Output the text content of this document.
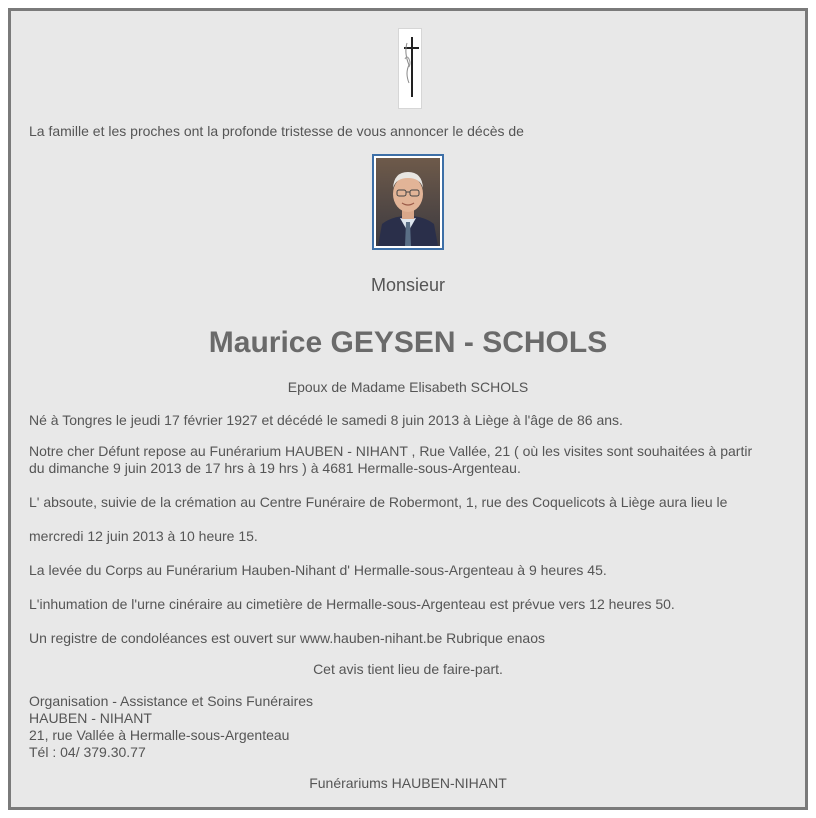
La famille et les proches ont la profonde tristesse de vous annoncer le décès de
Monsieur
Maurice GEYSEN - SCHOLS
Epoux de Madame Elisabeth SCHOLS
Né à Tongres le jeudi 17 février 1927 et décédé le samedi 8 juin 2013 à Liège à l'âge de 86 ans.
Notre cher Défunt repose au Funérarium HAUBEN - NIHANT , Rue Vallée, 21 ( où les visites sont souhaitées à partir
du dimanche 9 juin 2013 de 17 hrs à 19 hrs ) à 4681 Hermalle-sous-Argenteau.
L' absoute, suivie de la crémation au Centre Funéraire de Robermont, 1, rue des Coquelicots à Liège aura lieu le
mercredi 12 juin 2013 à 10 heure 15.
La levée du Corps au Funérarium Hauben-Nihant d' Hermalle-sous-Argenteau à 9 heures 45.
L'inhumation de l'urne cinéraire au cimetière de Hermalle-sous-Argenteau est prévue vers 12 heures 50.
Un registre de condoléances est ouvert sur www.hauben-nihant.be Rubrique enaos
Cet avis tient lieu de faire-part.
Organisation - Assistance et Soins Funéraires
HAUBEN - NIHANT
21, rue Vallée à Hermalle-sous-Argenteau
Tél : 04/ 379.30.77
Funérariums HAUBEN-NIHANT
